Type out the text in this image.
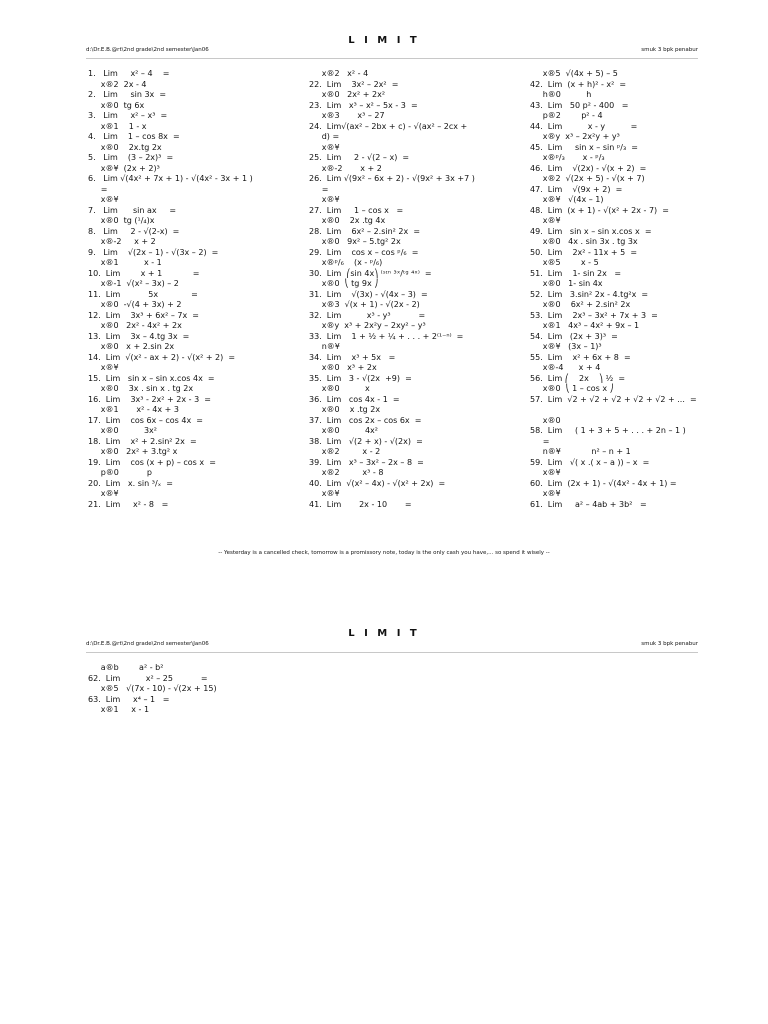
L I M I T
d:\Dr.E.B.@rt\2nd grade\2nd semester\Jan06	smuk 3 bpk penabur
1.   Lim     x² – 4    =
x®2  2x - 4
2.   Lim     sin 3x  =
x®0  tg 6x
3.   Lim     x² – x³  =
x®1    1 - x
4.   Lim    1 – cos 8x  =
x®0    2x.tg 2x
5.   Lim    (3 – 2x)³  =
x®¥  (2x + 2)³
6.   Lim √(4x² + 7x + 1) - √(4x² - 3x + 1 )
=
x®¥
7.   Lim      sin ax     =
x®0  tg (¹/₄)x
8.   Lim     2 - √(2-x)  =
x®-2     x + 2
9.   Lim    √(2x – 1) - √(3x – 2)  =
x®1          x - 1
10.  Lim        x + 1            =
x®-1  √(x² – 3x) – 2
11.  Lim           5x             =
x®0  -√(4 + 3x) + 2
12.  Lim    3x³ + 6x² – 7x  =
x®0   2x² - 4x² + 2x
13.  Lim    3x – 4.tg 3x  =
x®0   x + 2.sin 2x
14.  Lim  √(x² - ax + 2) - √(x² + 2)  =
x®¥
15.  Lim   sin x – sin x.cos 4x  =
x®0    3x . sin x . tg 2x
16.  Lim    3x³ - 2x² + 2x - 3  =
x®1       x² - 4x + 3
17.  Lim    cos 6x – cos 4x  =
x®0          3x²
18.  Lim    x² + 2.sin² 2x  =
x®0   2x² + 3.tg² x
19.  Lim    cos (x + p) – cos x  =
p®0           p
20.  Lim   x. sin ³/ₓ  =
x®¥
21.  Lim     x² - 8   =
x®2   x² - 4
22.  Lim    3x² – 2x²  =
x®0   2x² + 2x²
23.  Lim   x³ – x² – 5x - 3  =
x®3       x³ – 27
24.  Lim√(ax² – 2bx + c) - √(ax² – 2cx +
d) =
x®¥
25.  Lim     2 - √(2 – x)  =
x®-2       x + 2
26.  Lim √(9x² – 6x + 2) - √(9x² + 3x +7 )
=
x®¥
27.  Lim     1 – cos x   =
x®0    2x .tg 4x
28.  Lim    6x² – 2.sin² 2x  =
x®0   9x² – 5.tg² 2x
29.  Lim    cos x – cos ᵖ/₆  =
x®ᵖ/₆    (x - ᵖ/₆)
30.  Lim  ⎛sin 4x⎞ ⁽ˢᶦⁿ ³ˣ/ᵗᵍ ⁴ˣ⁾  =
x®0  ⎝ tg 9x ⎠
31.  Lim    √(3x) - √(4x – 3)  =
x®3  √(x + 1) - √(2x - 2)
32.  Lim          x³ - y³           =
x®y  x³ + 2x²y – 2xy² – y³
33.  Lim    1 + ½ + ¼ + . . . + 2⁽¹⁻ⁿ⁾  =
n®¥
34.  Lim    x³ + 5x   =
x®0   x³ + 2x
35.  Lim   3 - √(2x  +9)  =
x®0          x
36.  Lim   cos 4x - 1  =
x®0    x .tg 2x
37.  Lim   cos 2x – cos 6x  =
x®0          4x²
38.  Lim   √(2 + x) - √(2x)  =
x®2         x - 2
39.  Lim   x³ – 3x² – 2x – 8  =
x®2         x³ - 8
40.  Lim  √(x² – 4x) - √(x² + 2x)  =
x®¥
41.  Lim       2x - 10       =
x®5  √(4x + 5) – 5
42.  Lim  (x + h)² - x²  =
h®0          h
43.  Lim   50 p² - 400   =
p®2        p² - 4
44.  Lim          x - y          =
x®y  x³ – 2x²y + y³
45.  Lim     sin x – sin ᵖ/₃  =
x®ᵖ/₃       x - ᵖ/₃
46.  Lim    √(2x) - √(x + 2)  =
x®2  √(2x + 5) - √(x + 7)
47.  Lim    √(9x + 2)  =
x®¥   √(4x – 1)
48.  Lim  (x + 1) - √(x² + 2x - 7)  =
x®¥
49.  Lim   sin x – sin x.cos x  =
x®0   4x . sin 3x . tg 3x
50.  Lim    2x² - 11x + 5  =
x®5        x - 5
51.  Lim    1- sin 2x   =
x®0   1- sin 4x
52.  Lim   3.sin² 2x - 4.tg²x  =
x®0    6x² + 2.sin² 2x
53.  Lim    2x³ – 3x² + 7x + 3  =
x®1   4x³ – 4x² + 9x – 1
54.  Lim   (2x + 3)³  =
x®¥   (3x – 1)³
55.  Lim    x² + 6x + 8  =
x®-4      x + 4
56.  Lim ⎛    2x    ⎞ ½  =
x®0  ⎝ 1 – cos x ⎠
57.  Lim  √2 + √2 + √2 + √2 + √2 + ...  =

x®0
58.  Lim     ( 1 + 3 + 5 + . . . + 2n – 1 )
=
n®¥            n² – n + 1
59.  Lim   √( x .( x – a )) – x  =
x®¥
60.  Lim  (2x + 1) - √(4x² - 4x + 1) =
x®¥
61.  Lim     a² – 4ab + 3b²   =
-- Yesterday is a cancelled check, tomorrow is a promissory note, today is the only cash you have,... so spend it wisely --
L I M I T
d:\Dr.E.B.@rt\2nd grade\2nd semester\Jan06	smuk 3 bpk penabur
a®b        a² - b²
62.  Lim          x² – 25           =
x®5   √(7x - 10) - √(2x + 15)
63.  Lim     x⁴ – 1   =
x®1     x - 1
